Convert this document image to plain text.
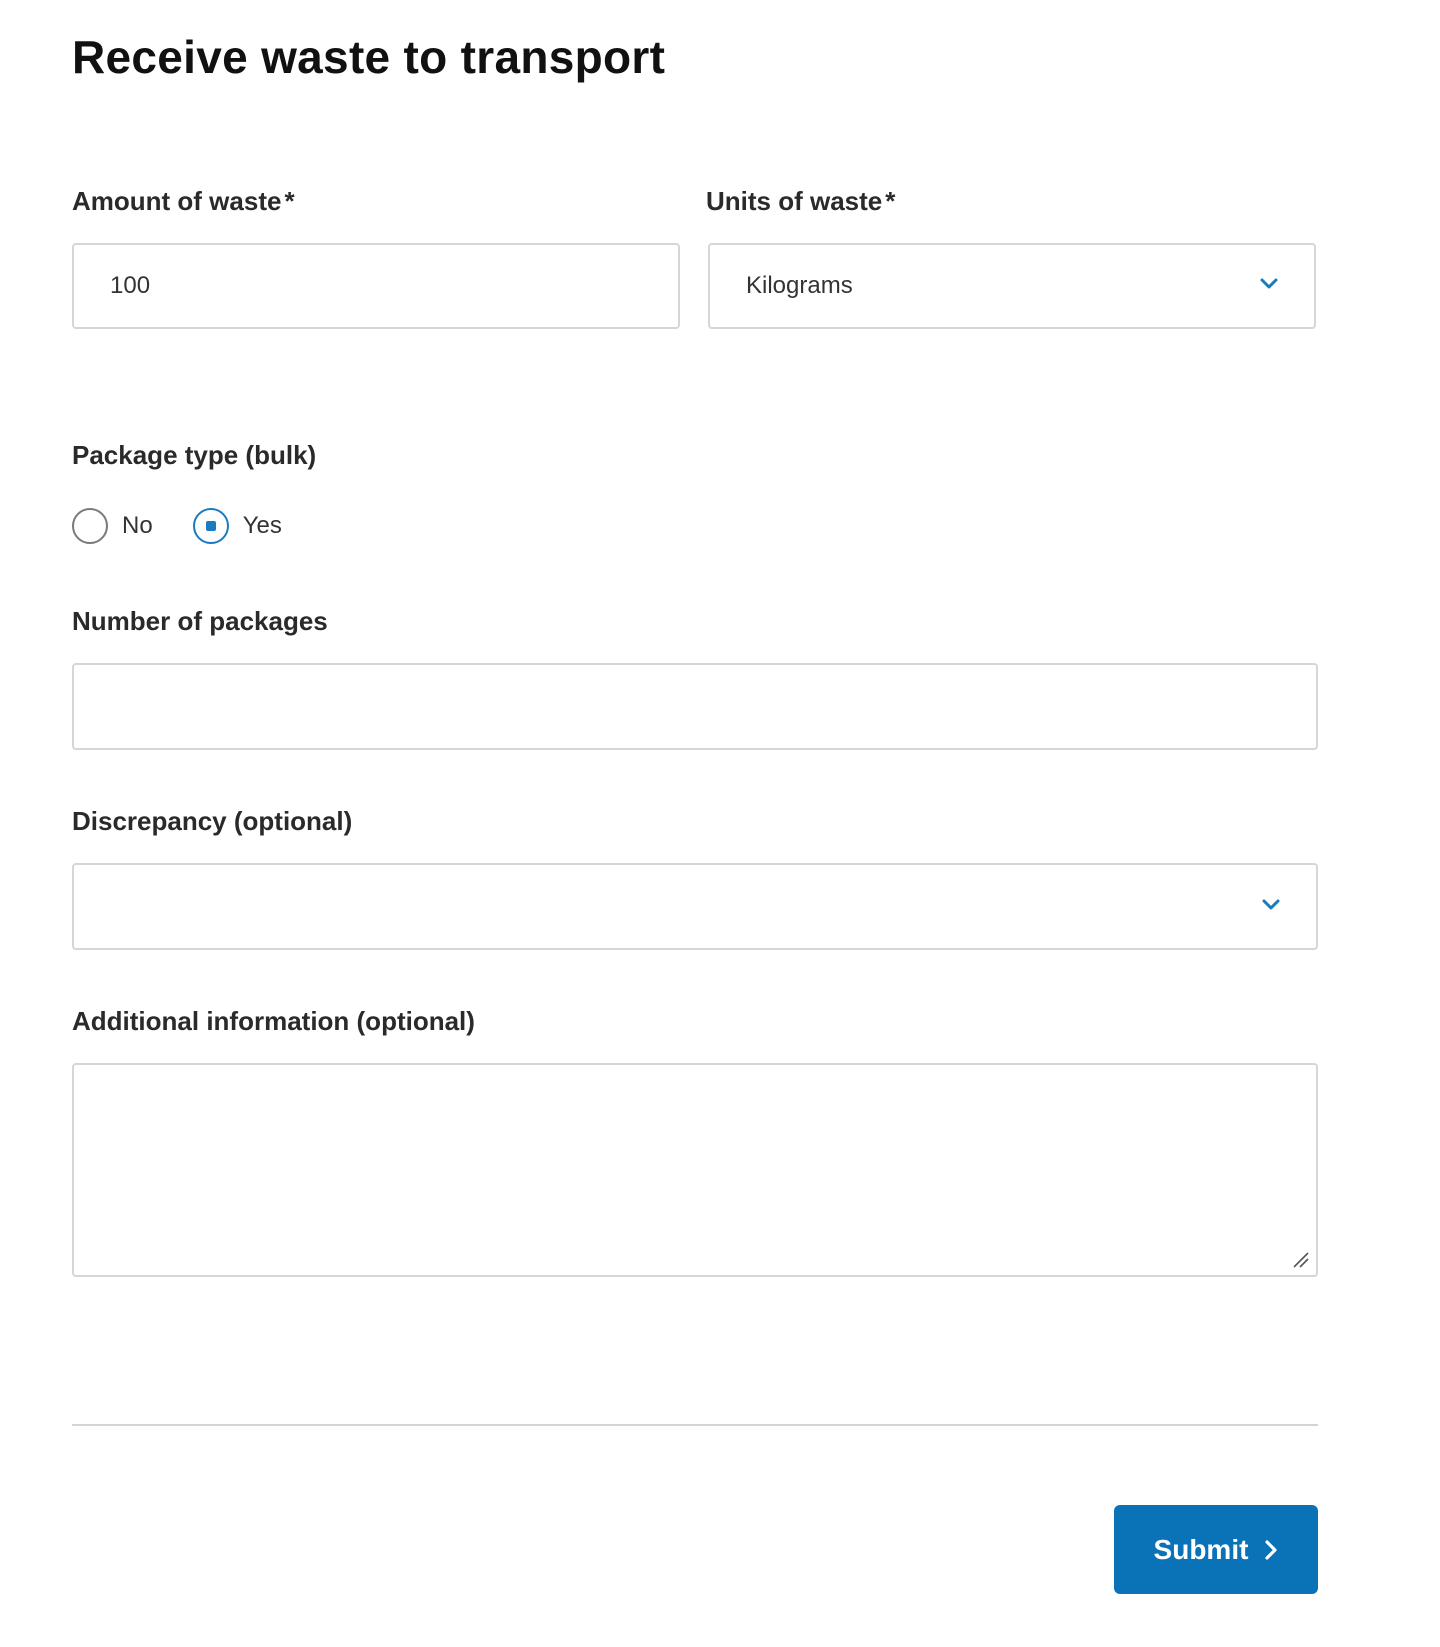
Receive waste to transport
Amount of waste *
100
Units of waste *
Kilograms
Package type (bulk)
No	Yes
Number of packages
Discrepancy (optional)
Additional information (optional)
Submit
